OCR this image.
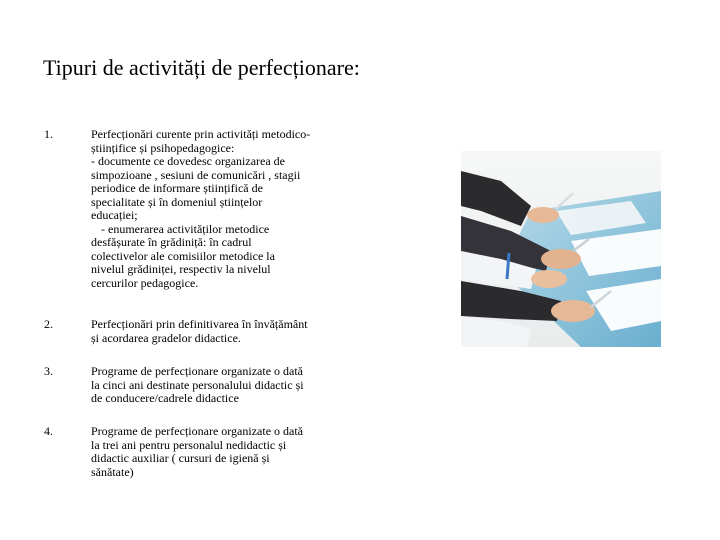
Tipuri de activități de perfecționare:
1.	Perfecționări curente prin activități metodico-
științifice și psihopedagogice:
- documente ce dovedesc organizarea de
simpozioane , sesiuni de comunicări , stagii
periodice de informare științifică de
specialitate și în domeniul științelor
educației;
- enumerarea activităților metodice
desfășurate în grădiniță: în cadrul
colectivelor ale comisiilor metodice la
nivelul grădiniței, respectiv la nivelul
cercurilor pedagogice.
2.	Perfecționări prin definitivarea în învățământ
și acordarea gradelor didactice.
3.	Programe de perfecționare organizate o dată
la cinci ani destinate personalului didactic și
de conducere/cadrele didactice
4.	Programe de perfecționare organizate o dată
la trei ani pentru personalul nedidactic și
didactic auxiliar ( cursuri de igienă și
sănătate)
